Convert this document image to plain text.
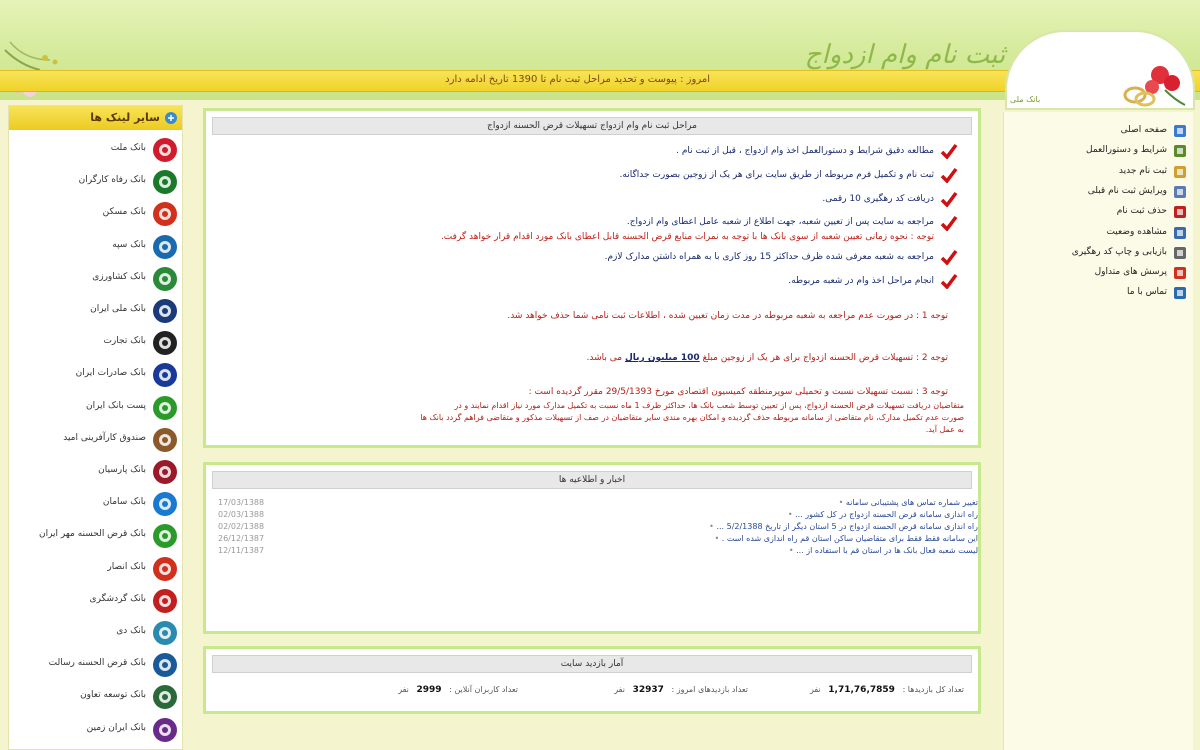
امروز : پیوست و تحدید مراحل ثبت نام تا 1390 تاریخ ادامه دارد
ثبت نام وام ازدواج
بانک ملی
سایر لینک ها
بانک ملت
بانک رفاه کارگران
بانک مسکن
بانک سپه
بانک کشاورزی
بانک ملی ایران
بانک تجارت
بانک صادرات ایران
پست بانک ایران
صندوق کارآفرینی امید
بانک پارسیان
بانک سامان
بانک قرض الحسنه مهر ایران
بانک انصار
بانک گردشگری
بانک دی
بانک قرض الحسنه رسالت
بانک توسعه تعاون
بانک ایران زمین
مراحل ثبت نام وام ازدواج تسهیلات قرض الحسنه ازدواج
مطالعه دقیق شرایط و دستورالعمل اخذ وام ازدواج ، قبل از ثبت نام .
ثبت نام و تکمیل فرم مربوطه از طریق سایت برای هر یک از زوجین بصورت جداگانه.
دریافت کد رهگیری 10 رقمی.
مراجعه به سایت پس از تعیین شعبه، جهت اطلاع از شعبه عامل اعطای وام ازدواج.
توجه : نحوه زمانی تعیین شعبه از سوی بانک ها با توجه به نمرات منابع قرض الحسنه قابل اعطای بانک مورد اقدام قرار خواهد گرفت.
مراجعه به شعبه معرفی شده ظرف حداکثر 15 روز کاری با به همراه داشتن مدارک لازم.
انجام مراحل اخذ وام در شعبه مربوطه.
توجه 1 : در صورت عدم مراجعه به شعبه مربوطه در مدت زمان تعیین شده ، اطلاعات ثبت نامی شما حذف خواهد شد.
توجه 2 : تسهیلات قرض الحسنه ازدواج برای هر یک از زوجین مبلغ 100 میلیون ریال می باشد.
توجه 3 : نسبت تسهیلات نسبت و تحمیلی سوپرمنطقه کمیسیون اقتصادی مورخ 29/5/1393 مقرر گردیده است :
متقاضیان دریافت تسهیلات قرض الحسنه ازدواج، پس از تعیین توسط شعب بانک ها، حداکثر ظرف 1 ماه نسبت به تکمیل مدارک مورد نیاز اقدام نمایند و در
صورت عدم تکمیل مدارک، نام متقاضی از سامانه مربوطه حذف گردیده و امکان بهره مندی سایر متقاضیان در صف از تسهیلات مذکور و متقاضی فراهم گردد بانک ها
به عمل آید.
اخبار و اطلاعیه ها
17/03/1388	تغییر شماره تماس های پشتیبانی سامانه •
02/03/1388	راه اندازی سامانه قرض الحسنه ازدواج در کل کشور ... •
02/02/1388	راه اندازی سامانه قرض الحسنه ازدواج در 5 استان دیگر از تاریخ 5/2/1388 ... •
26/12/1387	این سامانه فقط فقط برای متقاضیان ساکن استان قم راه اندازی شده است . •
12/11/1387	لیست شعبه فعال بانک ها در استان قم با استفاده از ... •
آمار بازدید سایت
تعداد کل بازدیدها :   1,71,76,7859   نفر
تعداد بازدیدهای امروز :   32937   نفر
تعداد کاربران آنلاین :   2999   نفر
صفحه اصلی
شرایط و دستورالعمل
ثبت نام جدید
ویرایش ثبت نام قبلی
حذف ثبت نام
مشاهده وضعیت
بازیابی و چاپ کد رهگیری
پرسش های متداول
تماس با ما
